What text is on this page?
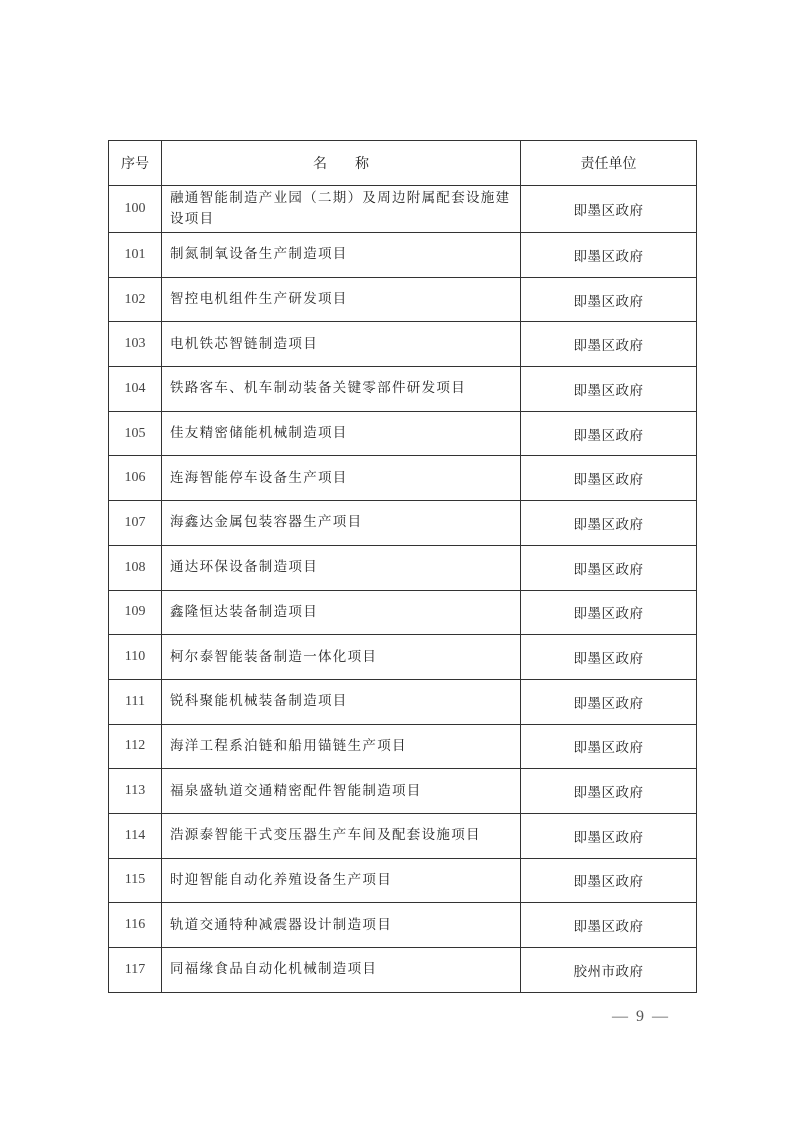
序号	名　　称	责任单位
100	融通智能制造产业园（二期）及周边附属配套设施建设项目	即墨区政府
101	制氮制氧设备生产制造项目	即墨区政府
102	智控电机组件生产研发项目	即墨区政府
103	电机铁芯智链制造项目	即墨区政府
104	铁路客车、机车制动装备关键零部件研发项目	即墨区政府
105	佳友精密储能机械制造项目	即墨区政府
106	连海智能停车设备生产项目	即墨区政府
107	海鑫达金属包装容器生产项目	即墨区政府
108	通达环保设备制造项目	即墨区政府
109	鑫隆恒达装备制造项目	即墨区政府
110	柯尔泰智能装备制造一体化项目	即墨区政府
111	锐科聚能机械装备制造项目	即墨区政府
112	海洋工程系泊链和船用锚链生产项目	即墨区政府
113	福泉盛轨道交通精密配件智能制造项目	即墨区政府
114	浩源泰智能干式变压器生产车间及配套设施项目	即墨区政府
115	时迎智能自动化养殖设备生产项目	即墨区政府
116	轨道交通特种减震器设计制造项目	即墨区政府
117	同福缘食品自动化机械制造项目	胶州市政府
— 9 —
